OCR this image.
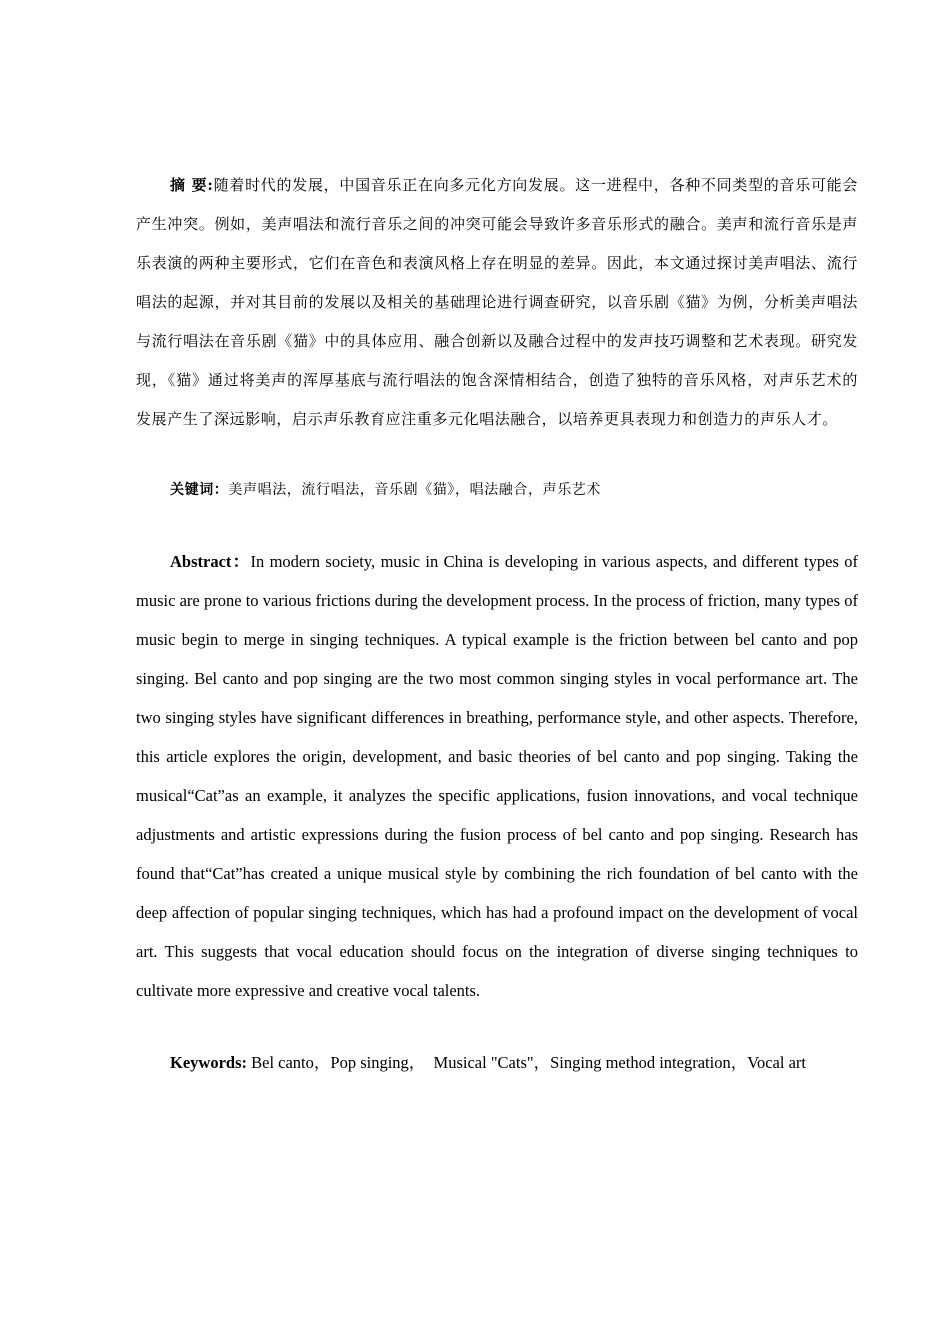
摘 要:随着时代的发展，中国音乐正在向多元化方向发展。这一进程中，各种不同类型的音乐可能会产生冲突。例如，美声唱法和流行音乐之间的冲突可能会导致许多音乐形式的融合。美声和流行音乐是声乐表演的两种主要形式，它们在音色和表演风格上存在明显的差异。因此，本文通过探讨美声唱法、流行唱法的起源，并对其目前的发展以及相关的基础理论进行调查研究，以音乐剧《猫》为例，分析美声唱法与流行唱法在音乐剧《猫》中的具体应用、融合创新以及融合过程中的发声技巧调整和艺术表现。研究发现，《猫》通过将美声的浑厚基底与流行唱法的饱含深情相结合，创造了独特的音乐风格，对声乐艺术的发展产生了深远影响，启示声乐教育应注重多元化唱法融合，以培养更具表现力和创造力的声乐人才。

关键词：美声唱法，流行唱法，音乐剧《猫》，唱法融合，声乐艺术

Abstract：In modern society, music in China is developing in various aspects, and different types of music are prone to various frictions during the development process. In the process of friction, many types of music begin to merge in singing techniques. A typical example is the friction between bel canto and pop singing. Bel canto and pop singing are the two most common singing styles in vocal performance art. The two singing styles have significant differences in breathing, performance style, and other aspects. Therefore, this article explores the origin, development, and basic theories of bel canto and pop singing. Taking the musical“Cat”as an example, it analyzes the specific applications, fusion innovations, and vocal technique adjustments and artistic expressions during the fusion process of bel canto and pop singing. Research has found that“Cat”has created a unique musical style by combining the rich foundation of bel canto with the deep affection of popular singing techniques, which has had a profound impact on the development of vocal art. This suggests that vocal education should focus on the integration of diverse singing techniques to cultivate more expressive and creative vocal talents.

Keywords: Bel canto，Pop singing，  Musical "Cats"，Singing method integration，Vocal art
